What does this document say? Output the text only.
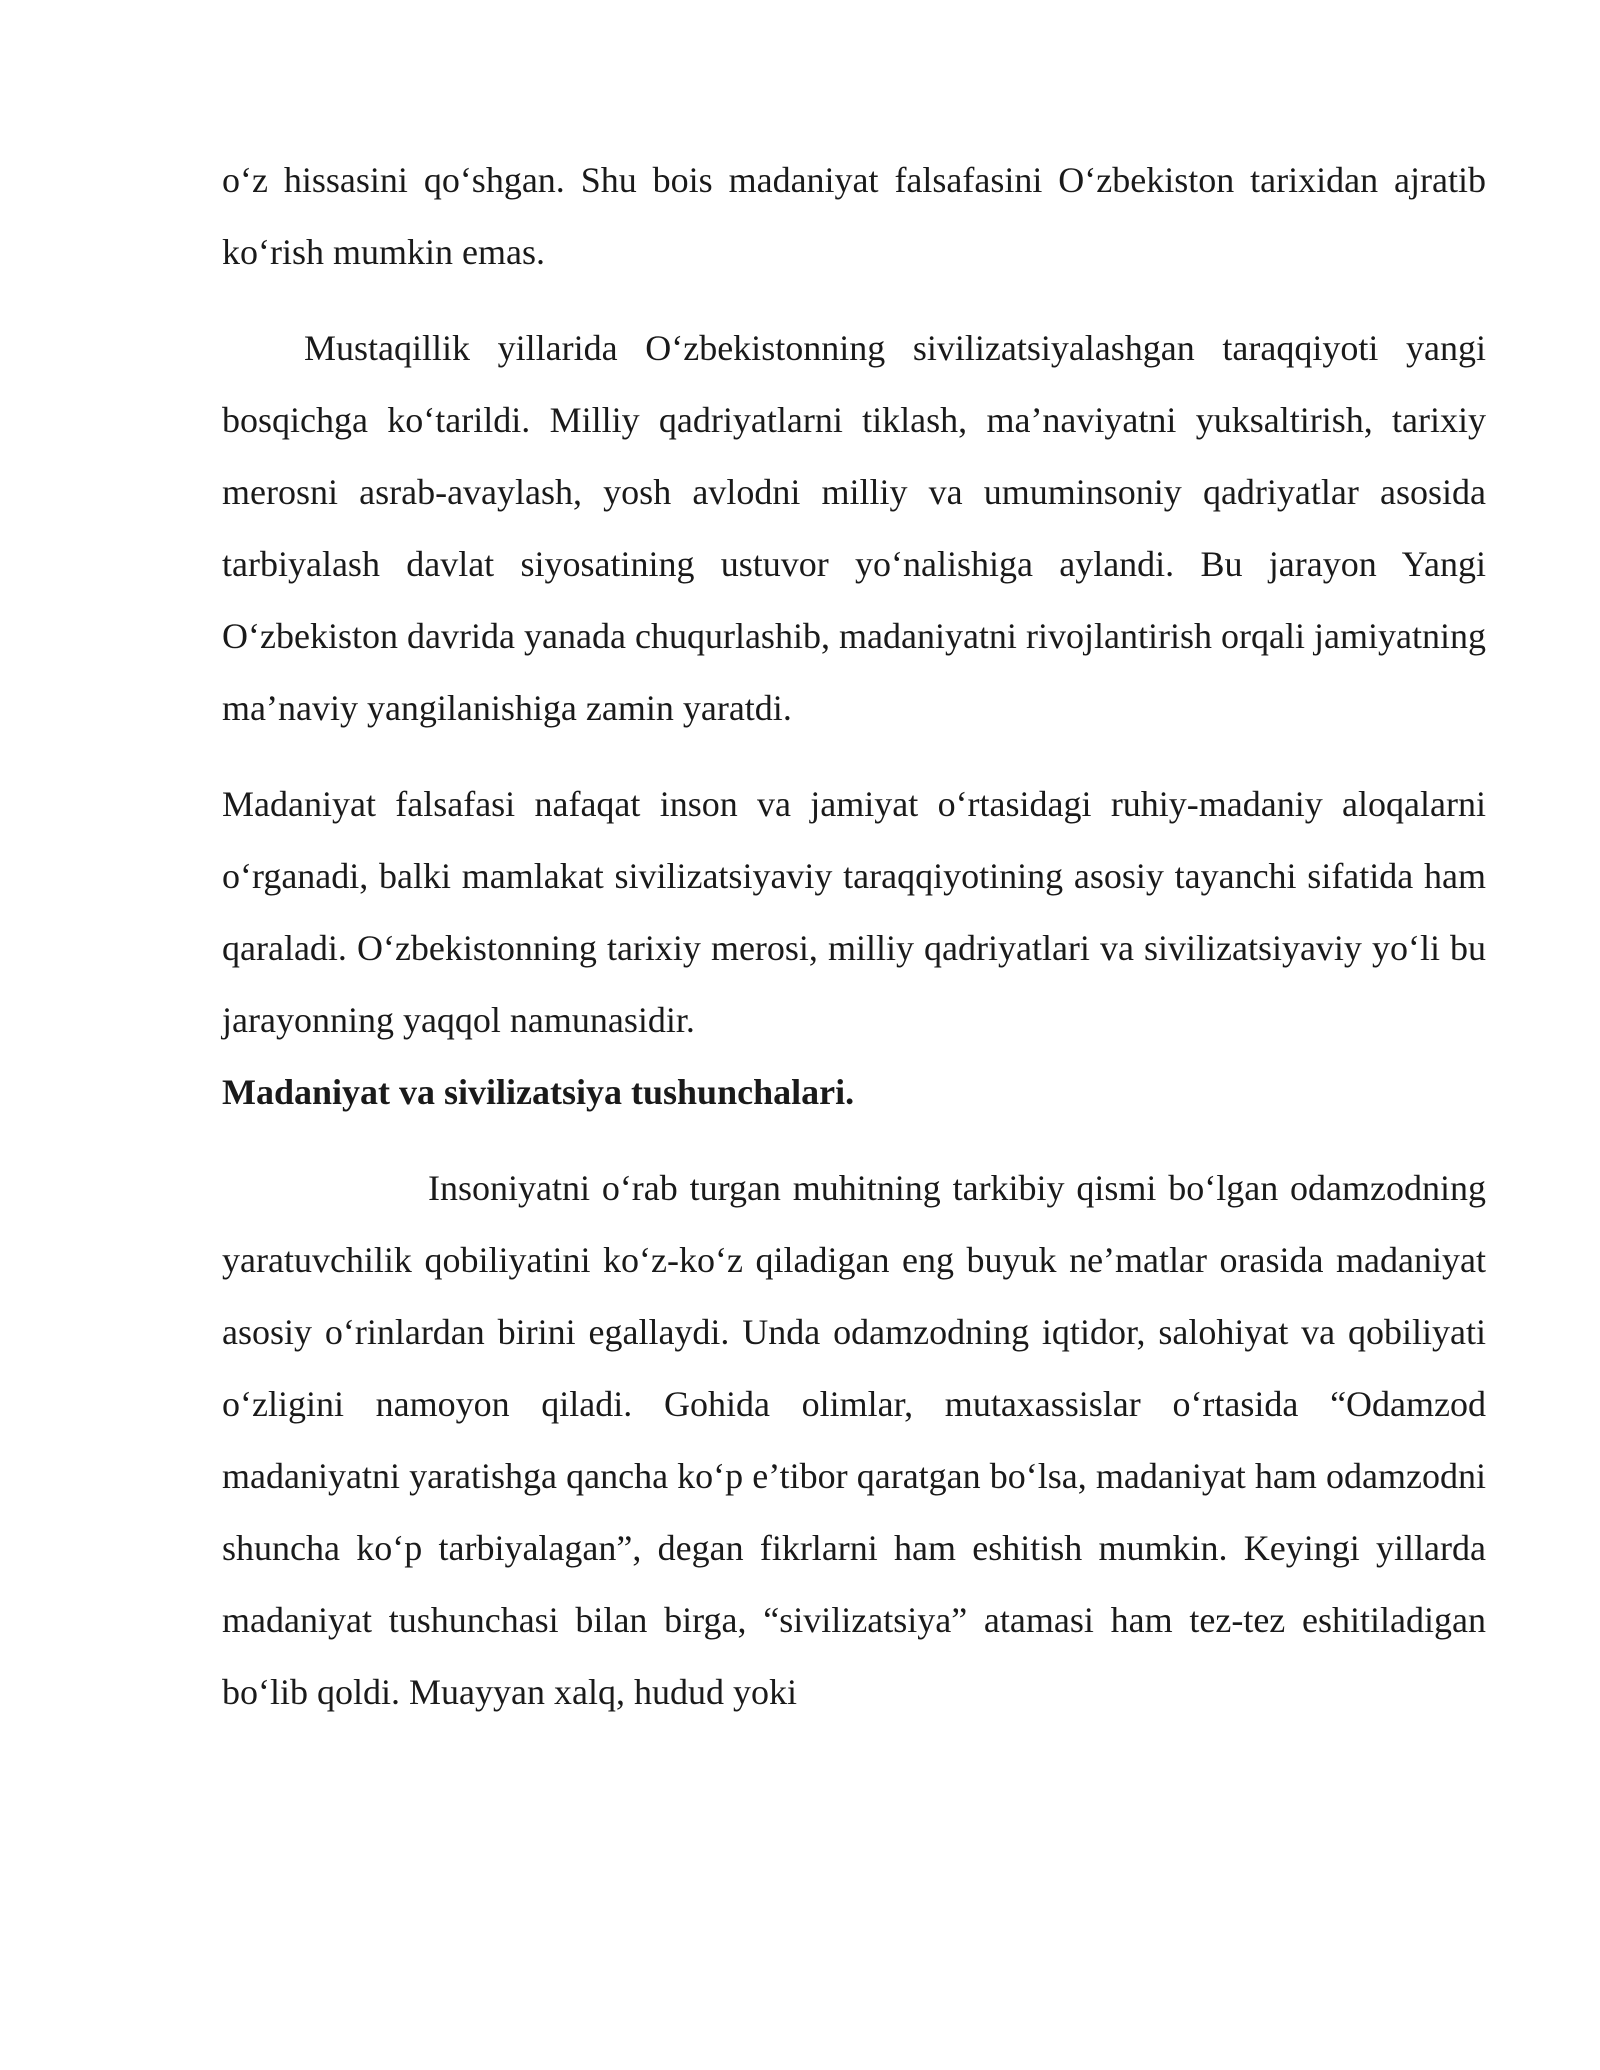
o‘z hissasini qo‘shgan. Shu bois madaniyat falsafasini O‘zbekiston tarixidan ajratib ko‘rish mumkin emas.

Mustaqillik yillarida O‘zbekistonning sivilizatsiyalashgan taraqqiyoti yangi bosqichga ko‘tarildi. Milliy qadriyatlarni tiklash, ma’naviyatni yuksaltirish, tarixiy merosni asrab-avaylash, yosh avlodni milliy va umuminsoniy qadriyatlar asosida tarbiyalash davlat siyosatining ustuvor yo‘nalishiga aylandi. Bu jarayon Yangi O‘zbekiston davrida yanada chuqurlashib, madaniyatni rivojlantirish orqali jamiyatning ma’naviy yangilanishiga zamin yaratdi.

Madaniyat falsafasi nafaqat inson va jamiyat o‘rtasidagi ruhiy-madaniy aloqalarni o‘rganadi, balki mamlakat sivilizatsiyaviy taraqqiyotining asosiy tayanchi sifatida ham qaraladi. O‘zbekistonning tarixiy merosi, milliy qadriyatlari va sivilizatsiyaviy yo‘li bu jarayonning yaqqol namunasidir.

Madaniyat va sivilizatsiya tushunchalari.

Insoniyatni o‘rab turgan muhitning tarkibiy qismi bo‘lgan odamzodning yaratuvchilik qobiliyatini ko‘z-ko‘z qiladigan eng buyuk ne’matlar orasida madaniyat asosiy o‘rinlardan birini egallaydi. Unda odamzodning iqtidor, salohiyat va qobiliyati o‘zligini namoyon qiladi. Gohida olimlar, mutaxassislar o‘rtasida “Odamzod madaniyatni yaratishga qancha ko‘p e’tibor qaratgan bo‘lsa, madaniyat ham odamzodni shuncha ko‘p tarbiyalagan”, degan fikrlarni ham eshitish mumkin. Keyingi yillarda madaniyat tushunchasi bilan birga, “sivilizatsiya” atamasi ham tez-tez eshitiladigan bo‘lib qoldi. Muayyan xalq, hudud yoki
